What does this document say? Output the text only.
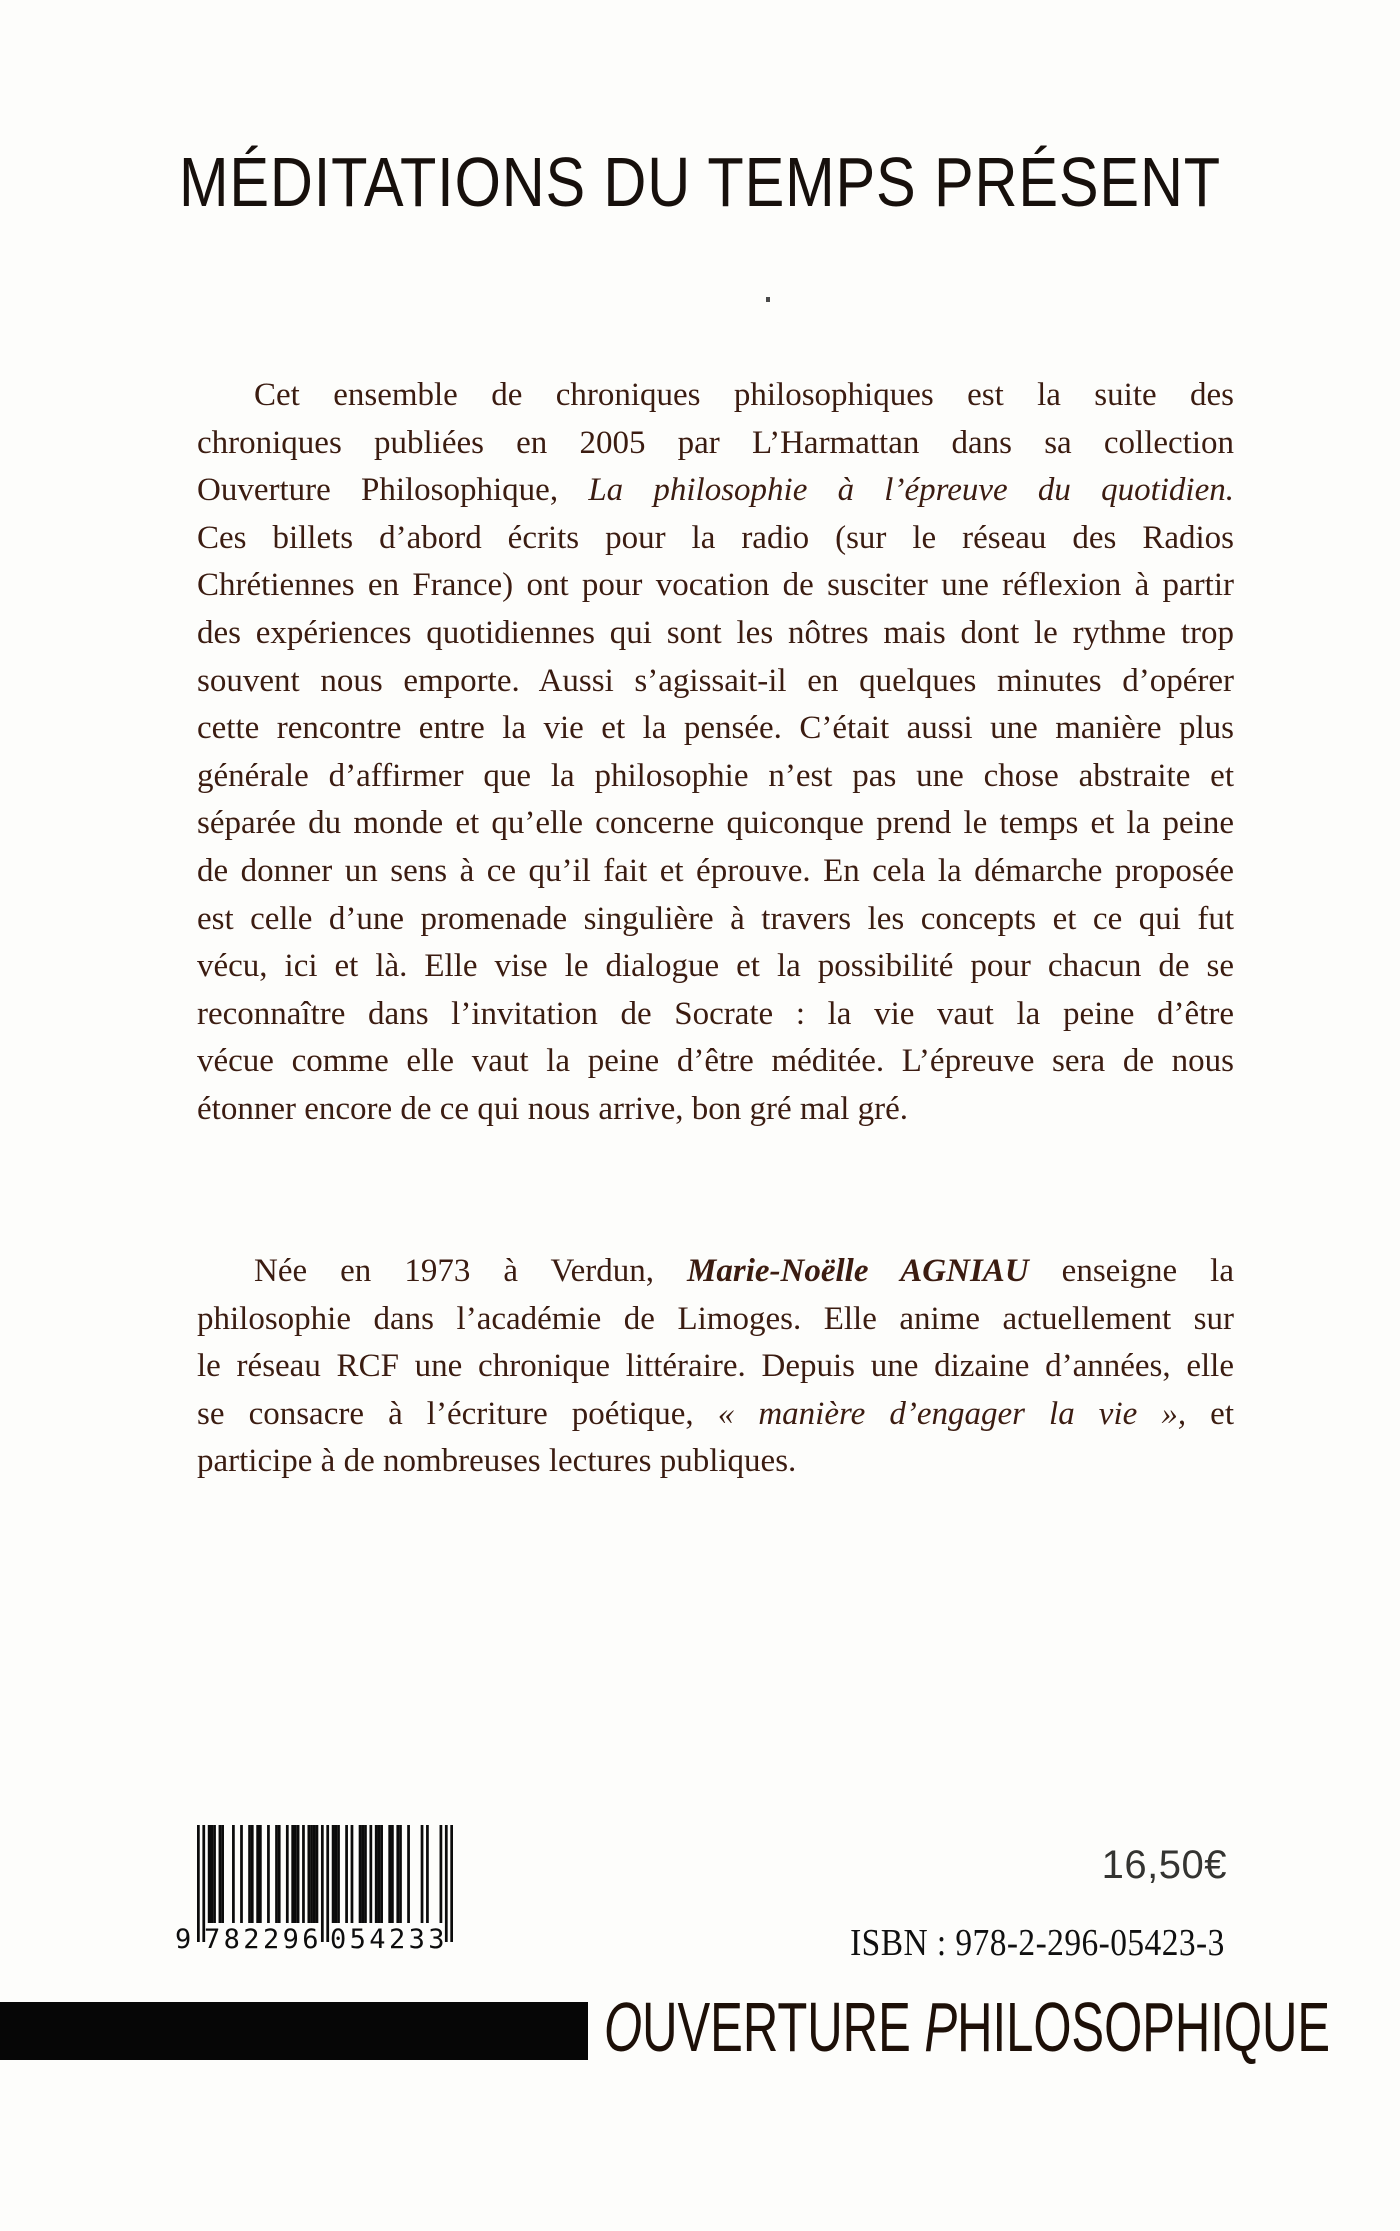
MÉDITATIONS DU TEMPS PRÉSENT
Cet ensemble de chroniques philosophiques est la suite des
chroniques publiées en 2005 par L’Harmattan dans sa collection
Ouverture Philosophique, La philosophie à l’épreuve du quotidien.
Ces billets d’abord écrits pour la radio (sur le réseau des Radios
Chrétiennes en France) ont pour vocation de susciter une réflexion à partir
des expériences quotidiennes qui sont les nôtres mais dont le rythme trop
souvent nous emporte. Aussi s’agissait-il en quelques minutes d’opérer
cette rencontre entre la vie et la pensée. C’était aussi une manière plus
générale d’affirmer que la philosophie n’est pas une chose abstraite et
séparée du monde et qu’elle concerne quiconque prend le temps et la peine
de donner un sens à ce qu’il fait et éprouve. En cela la démarche proposée
est celle d’une promenade singulière à travers les concepts et ce qui fut
vécu, ici et là. Elle vise le dialogue et la possibilité pour chacun de se
reconnaître dans l’invitation de Socrate : la vie vaut la peine d’être
vécue comme elle vaut la peine d’être méditée. L’épreuve sera de nous
étonner encore de ce qui nous arrive, bon gré mal gré.
Née en 1973 à Verdun, Marie-Noëlle AGNIAU enseigne la
philosophie dans l’académie de Limoges. Elle anime actuellement sur
le réseau RCF une chronique littéraire. Depuis une dizaine d’années, elle
se consacre à l’écriture poétique, « manière d’engager la vie », et
participe à de nombreuses lectures publiques.
9 782296 054233
16,50€
ISBN : 978-2-296-05423-3
OUVERTURE PHILOSOPHIQUE
